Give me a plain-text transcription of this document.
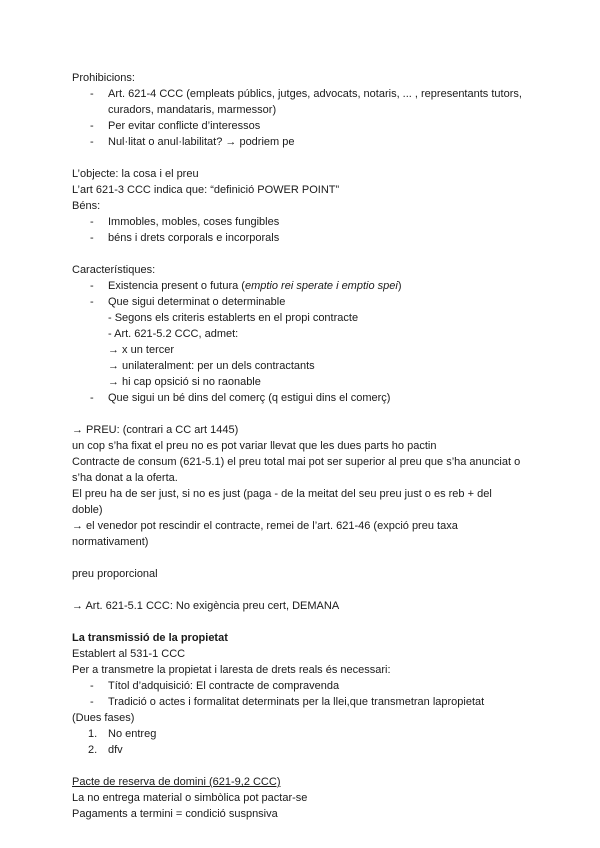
Prohibicions:
- Art. 621-4 CCC (empleats públics, jutges, advocats, notaris, ... , representants tutors, curadors, mandataris, marmessor)
- Per evitar conflicte d’interessos
- Nul·litat o anul·labilitat? → podriem pe
L’objecte: la cosa i el preu
L’art 621-3 CCC indica que: “definició POWER POINT”
Béns:
- Immobles, mobles, coses fungibles
- béns i drets corporals e incorporals
Característiques:
- Existencia present o futura (emptio rei sperate i emptio spei)
- Que sigui determinat o determinable
- Segons els criteris establerts en el propi contracte
- Art. 621-5.2 CCC, admet:
→ x un tercer
→ unilateralment: per un dels contractants
→ hi cap opsició si no raonable
- Que sigui un bé dins del comerç (q estigui dins el comerç)
→ PREU: (contrari a CC art 1445)
un cop s’ha fixat el preu no es pot variar llevat que les dues parts ho pactin
Contracte de consum (621-5.1) el preu total mai pot ser superior al preu que s’ha anunciat o
s’ha donat a la oferta.
El preu ha de ser just, si no es just (paga - de la meitat del seu preu just o es reb + del
doble)
→ el venedor pot rescindir el contracte, remei de l’art. 621-46 (expció preu taxa
normativament)
preu proporcional
→ Art. 621-5.1 CCC: No exigència preu cert, DEMANA
La transmissió de la propietat
Establert al 531-1 CCC
Per a transmetre la propietat i laresta de drets reals és necessari:
- Títol d’adquisició: El contracte de compravenda
- Tradició o actes i formalitat determinats per la llei,que transmetran lapropietat
(Dues fases)
1. No entreg
2. dfv
Pacte de reserva de domini (621-9,2 CCC)
La no entrega material o simbòlica pot pactar-se
Pagaments a termini = condició suspnsiva
